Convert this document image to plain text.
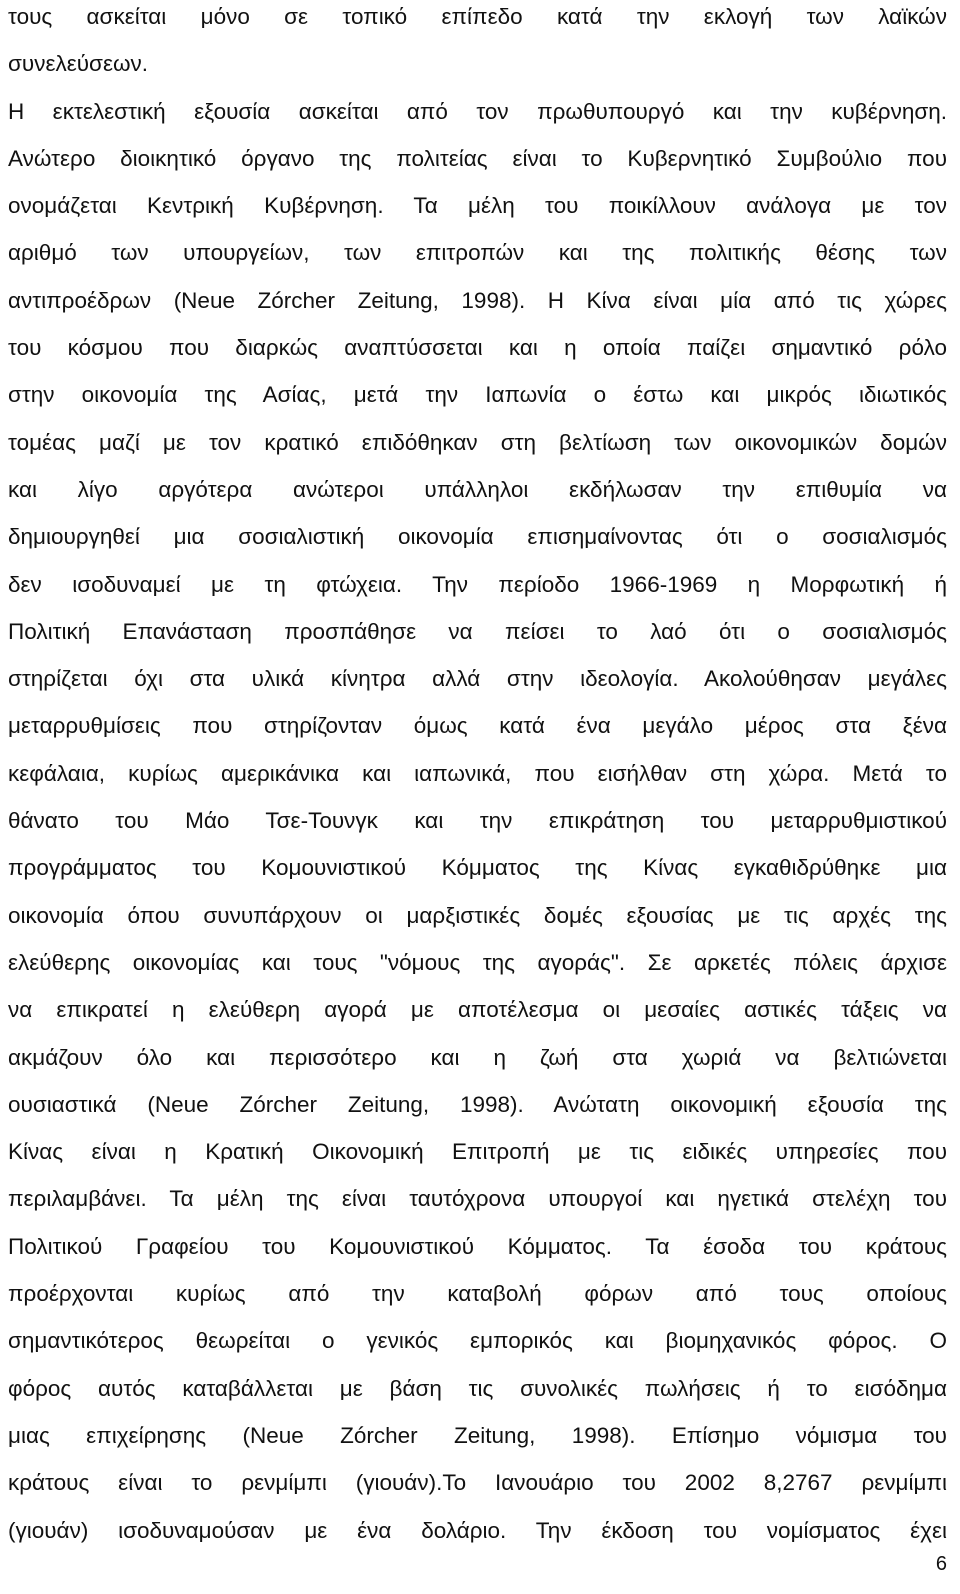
τους ασκείται μόνο σε τοπικό επίπεδο κατά την εκλογή των λαϊκών
συνελεύσεων.
Η εκτελεστική εξουσία ασκείται από τον πρωθυπουργό και την κυβέρνηση.
Ανώτερο διοικητικό όργανο της πολιτείας είναι το Κυβερνητικό Συμβούλιο που
ονομάζεται Κεντρική Κυβέρνηση. Τα μέλη του ποικίλλουν ανάλογα με τον
αριθμό των υπουργείων, των επιτροπών και της πολιτικής θέσης των
αντιπροέδρων (Neue Zórcher Zeitung, 1998). Η Κίνα είναι μία από τις χώρες
του κόσμου που διαρκώς αναπτύσσεται και η οποία παίζει σημαντικό ρόλο
στην οικονομία της Ασίας, μετά την Ιαπωνία ο έστω και μικρός ιδιωτικός
τομέας μαζί με τον κρατικό επιδόθηκαν στη βελτίωση των οικονομικών δομών
και λίγο αργότερα ανώτεροι υπάλληλοι εκδήλωσαν την επιθυμία να
δημιουργηθεί μια σοσιαλιστική οικονομία επισημαίνοντας ότι ο σοσιαλισμός
δεν ισοδυναμεί με τη φτώχεια. Την περίοδο 1966-1969 η Μορφωτική ή
Πολιτική Επανάσταση προσπάθησε να πείσει το λαό ότι ο σοσιαλισμός
στηρίζεται όχι στα υλικά κίνητρα αλλά στην ιδεολογία. Ακολούθησαν μεγάλες
μεταρρυθμίσεις που στηρίζονταν όμως κατά ένα μεγάλο μέρος στα ξένα
κεφάλαια, κυρίως αμερικάνικα και ιαπωνικά, που εισήλθαν στη χώρα. Μετά το
θάνατο του Μάο Τσε-Τουνγκ και την επικράτηση του μεταρρυθμιστικού
προγράμματος του Κομουνιστικού Κόμματος της Κίνας εγκαθιδρύθηκε μια
οικονομία όπου συνυπάρχουν οι μαρξιστικές δομές εξουσίας με τις αρχές της
ελεύθερης οικονομίας και τους "νόμους της αγοράς". Σε αρκετές πόλεις άρχισε
να επικρατεί η ελεύθερη αγορά με αποτέλεσμα οι μεσαίες αστικές τάξεις να
ακμάζουν όλο και περισσότερο και η ζωή στα χωριά να βελτιώνεται
ουσιαστικά (Neue Zórcher Zeitung, 1998). Ανώτατη οικονομική εξουσία της
Κίνας είναι η Κρατική Οικονομική Επιτροπή με τις ειδικές υπηρεσίες που
περιλαμβάνει. Τα μέλη της είναι ταυτόχρονα υπουργοί και ηγετικά στελέχη του
Πολιτικού Γραφείου του Κομουνιστικού Κόμματος. Τα έσοδα του κράτους
προέρχονται κυρίως από την καταβολή φόρων από τους οποίους
σημαντικότερος θεωρείται ο γενικός εμπορικός και βιομηχανικός φόρος. Ο
φόρος αυτός καταβάλλεται με βάση τις συνολικές πωλήσεις ή το εισόδημα
μιας επιχείρησης (Neue Zórcher Zeitung, 1998). Επίσημο νόμισμα του
κράτους είναι το ρενμίμπι (γιουάν).Το Ιανουάριο του 2002 8,2767 ρενμίμπι
(γιουάν) ισοδυναμούσαν με ένα δολάριο. Την έκδοση του νομίσματος έχει
6
